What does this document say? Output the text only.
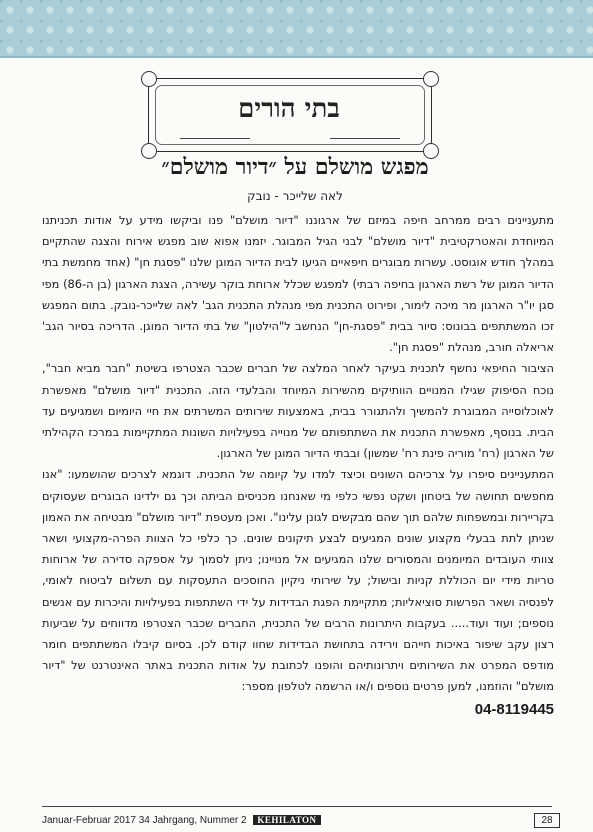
בתי הורים
מפגש מושלם על ״דיור מושלם״
לאה שלייכר - נובק

מתעניינים רבים ממרחב חיפה במיזם של ארגוננו "דיור מושלם" פנו וביקשו מידע על אודות תכניתנו המיוחדת והאטרקטיבית "דיור מושלם" לבני הגיל המבוגר. יזמנו אפוא שוב מפגש אירוח והצגה שהתקיים במהלך חודש אוגוסט. עשרות מבוגרים חיפאיים הגיעו לבית הדיור המוגן שלנו "פסגת חן" (אחד מחמשת בתי הדיור המוגן של רשת הארגון בחיפה רבתי) למפגש שכלל ארוחת בוקר עשירה, הצגת הארגון (בן ה-86) מפי סגן יו"ר הארגון מר מיכה לימור, ופירוט התכנית מפי מנהלת התכנית הגב' לאה שלייכר-נובק. בתום המפגש זכו המשתתפים בבונוס: סיור בבית "פסגת-חן" הנחשב ל"הילטון" של בתי הדיור המוגן. הדריכה בסיור הגב' אריאלה חורב, מנהלת "פסגת חן".

הציבור החיפאי נחשף לתכנית בעיקר לאחר המלצה של חברים שכבר הצטרפו בשיטת "חבר מביא חבר", נוכח הסיפוק שגילו המנויים הוותיקים מהשירות המיוחד והבלעדי הזה. התכנית "דיור מושלם" מאפשרת לאוכלוסייה המבוגרת להמשיך ולהתגורר בבית, באמצעות שירותים המשרתים את חיי היומיום ושמגיעים עד הבית. בנוסף, מאפשרת התכנית את השתתפותם של מנוייה בפעילויות השונות המתקיימות במרכז הקהילתי של הארגון (רח' מוריה פינת רח' שמשון) ובבתי הדיור המוגן של הארגון.

המתעניינים סיפרו על צרכיהם השונים וכיצד למדו על קיומה של התכנית. דוגמא לצרכים שהושמעו: "אנו מחפשים תחושה של ביטחון ושקט נפשי כלפי מי שאנחנו מכניסים הביתה וכך גם ילדינו הבוגרים שעסוקים בקריירות ובמשפחות שלהם תוך שהם מבקשים לגונן עלינו". ואכן מעטפת "דיור מושלם" מבטיחה את האמון שניתן לתת בבעלי מקצוע שונים המגיעים לבצע תיקונים שונים. כך כלפי כל הצוות הפרה-מקצועי ושאר צוותי העובדים המיומנים והמסורים שלנו המגיעים אל מנויינו; ניתן לסמוך על אספקה סדירה של ארוחות טריות מידי יום הכוללת קניות ובישול; על שירותי ניקיון החוסכים התעסקות עם תשלום לביטוח לאומי, לפנסיה ושאר הפרשות סוציאליות; מתקיימת הפגת הבדידות על ידי השתתפות בפעילויות והיכרות עם אנשים נוספים; ועוד ועוד..... בעקבות היתרונות הרבים של התכנית, החברים שכבר הצטרפו מדווחים על שביעות רצון עקב שיפור באיכות חייהם וירידה בתחושת הבדידות שחוו קודם לכן. בסיום קיבלו המשתתפים חומר מודפס המפרט את השירותים ויתרונותיהם והופנו לכתובת על אודות התכנית באתר האינטרנט של "דיור מושלם" והוזמנו, למען פרטים נוספים ו/או הרשמה לטלפון מספר:

04-8119445

Januar-Februar 2017 34 Jahrgang, Nummer 2 KEHILATON	28
